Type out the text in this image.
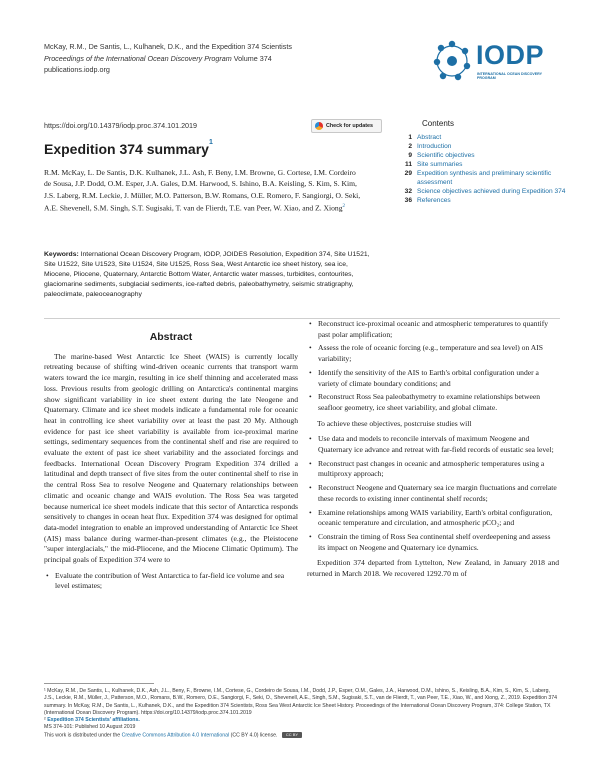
McKay, R.M., De Santis, L., Kulhanek, D.K., and the Expedition 374 Scientists
Proceedings of the International Ocean Discovery Program Volume 374
publications.iodp.org	IODP
INTERNATIONAL OCEAN DISCOVERY PROGRAM
https://doi.org/10.14379/iodp.proc.374.101.2019	Check for updates
Expedition 374 summary$^1$
R.M. McKay, L. De Santis, D.K. Kulhanek, J.L. Ash, F. Beny, I.M. Browne, G. Cortese, I.M. Cordeiro de Sousa, J.P. Dodd, O.M. Esper, J.A. Gales, D.M. Harwood, S. Ishino, B.A. Keisling, S. Kim, S. Kim, J.S. Laberg, R.M. Leckie, J. Müller, M.O. Patterson, B.W. Romans, O.E. Romero, F. Sangiorgi, O. Seki, A.E. Shevenell, S.M. Singh, S.T. Sugisaki, T. van de Flierdt, T.E. van Peer, W. Xiao, and Z. Xiong$^2$
Keywords: International Ocean Discovery Program, IODP, JOIDES Resolution, Expedition 374, Site U1521, Site U1522, Site U1523, Site U1524, Site U1525, Ross Sea, West Antarctic ice sheet history, sea ice, Miocene, Pliocene, Quaternary, Antarctic Bottom Water, Antarctic water masses, turbidites, contourites, glaciomarine sediments, subglacial sediments, ice-rafted debris, paleobathymetry, seismic stratigraphy, paleoclimate, paleoceanography
Contents
1 Abstract
2 Introduction
9 Scientific objectives
11 Site summaries
29 Expedition synthesis and preliminary scientific assessment
32 Science objectives achieved during Expedition 374
36 References
Abstract

The marine-based West Antarctic Ice Sheet (WAIS) is currently locally retreating because of shifting wind-driven oceanic currents that transport warm waters toward the ice margin, resulting in ice shelf thinning and accelerated mass loss. Previous results from geologic drilling on Antarctica's continental margins show significant variability in ice sheet extent during the late Neogene and Quaternary. Climate and ice sheet models indicate a fundamental role for oceanic heat in controlling ice sheet variability over at least the past 20 My. Although evidence for past ice sheet variability is available from ice-proximal marine settings, sedimentary sequences from the continental shelf and rise are required to evaluate the extent of past ice sheet variability and the associated forcings and feedbacks. International Ocean Discovery Program Expedition 374 drilled a latitudinal and depth transect of five sites from the outer continental shelf to rise in the central Ross Sea to resolve Neogene and Quaternary relationships between climatic and oceanic change and WAIS evolution. The Ross Sea was targeted because numerical ice sheet models indicate that this sector of Antarctica responds sensitively to changes in ocean heat flux. Expedition 374 was designed for optimal data-model integration to enable an improved understanding of Antarctic Ice Sheet (AIS) mass balance during warmer-than-present climates (e.g., the Pleistocene "super interglacials," the mid-Pliocene, and the Miocene Climatic Optimum). The principal goals of Expedition 374 were to

• Evaluate the contribution of West Antarctica to far-field ice volume and sea level estimates;
• Reconstruct ice-proximal oceanic and atmospheric temperatures to quantify past polar amplification;
• Assess the role of oceanic forcing (e.g., temperature and sea level) on AIS variability;
• Identify the sensitivity of the AIS to Earth's orbital configuration under a variety of climate boundary conditions; and
• Reconstruct Ross Sea paleobathymetry to examine relationships between seafloor geometry, ice sheet variability, and global climate.

To achieve these objectives, postcruise studies will

• Use data and models to reconcile intervals of maximum Neogene and Quaternary ice advance and retreat with far-field records of eustatic sea level;
• Reconstruct past changes in oceanic and atmospheric temperatures using a multiproxy approach;
• Reconstruct Neogene and Quaternary sea ice margin fluctuations and correlate these records to existing inner continental shelf records;
• Examine relationships among WAIS variability, Earth's orbital configuration, oceanic temperature and circulation, and atmospheric pCO₂; and
• Constrain the timing of Ross Sea continental shelf overdeepening and assess its impact on Neogene and Quaternary ice dynamics.

Expedition 374 departed from Lyttelton, New Zealand, in January 2018 and returned in March 2018. We recovered 1292.70 m of

¹ McKay, R.M., De Santis, L., Kulhanek, D.K., Ash, J.L., Beny, F., Browne, I.M., Cortese, G., Cordeiro de Sousa, I.M., Dodd, J.P., Esper, O.M., Gales, J.A., Harwood, D.M., Ishino, S., Keisling, B.A., Kim, S., Kim, S., Laberg, J.S., Leckie, R.M., Müller, J., Patterson, M.O., Romans, B.W., Romero, O.E., Sangiorgi, F., Seki, O., Shevenell, A.E., Singh, S.M., Sugisaki, S.T., van de Flierdt, T., van Peer, T.E., Xiao, W., and Xiong, Z., 2019. Expedition 374 summary. In McKay, R.M., De Santis, L., Kulhanek, D.K., and the Expedition 374 Scientists, Ross Sea West Antarctic Ice Sheet History. Proceedings of the International Ocean Discovery Program, 374: College Station, TX (International Ocean Discovery Program). https://doi.org/10.14379/iodp.proc.374.101.2019
² Expedition 374 Scientists' affiliations.
MS 374-101: Published 10 August 2019
This work is distributed under the Creative Commons Attribution 4.0 International (CC BY 4.0) license. CC BY
